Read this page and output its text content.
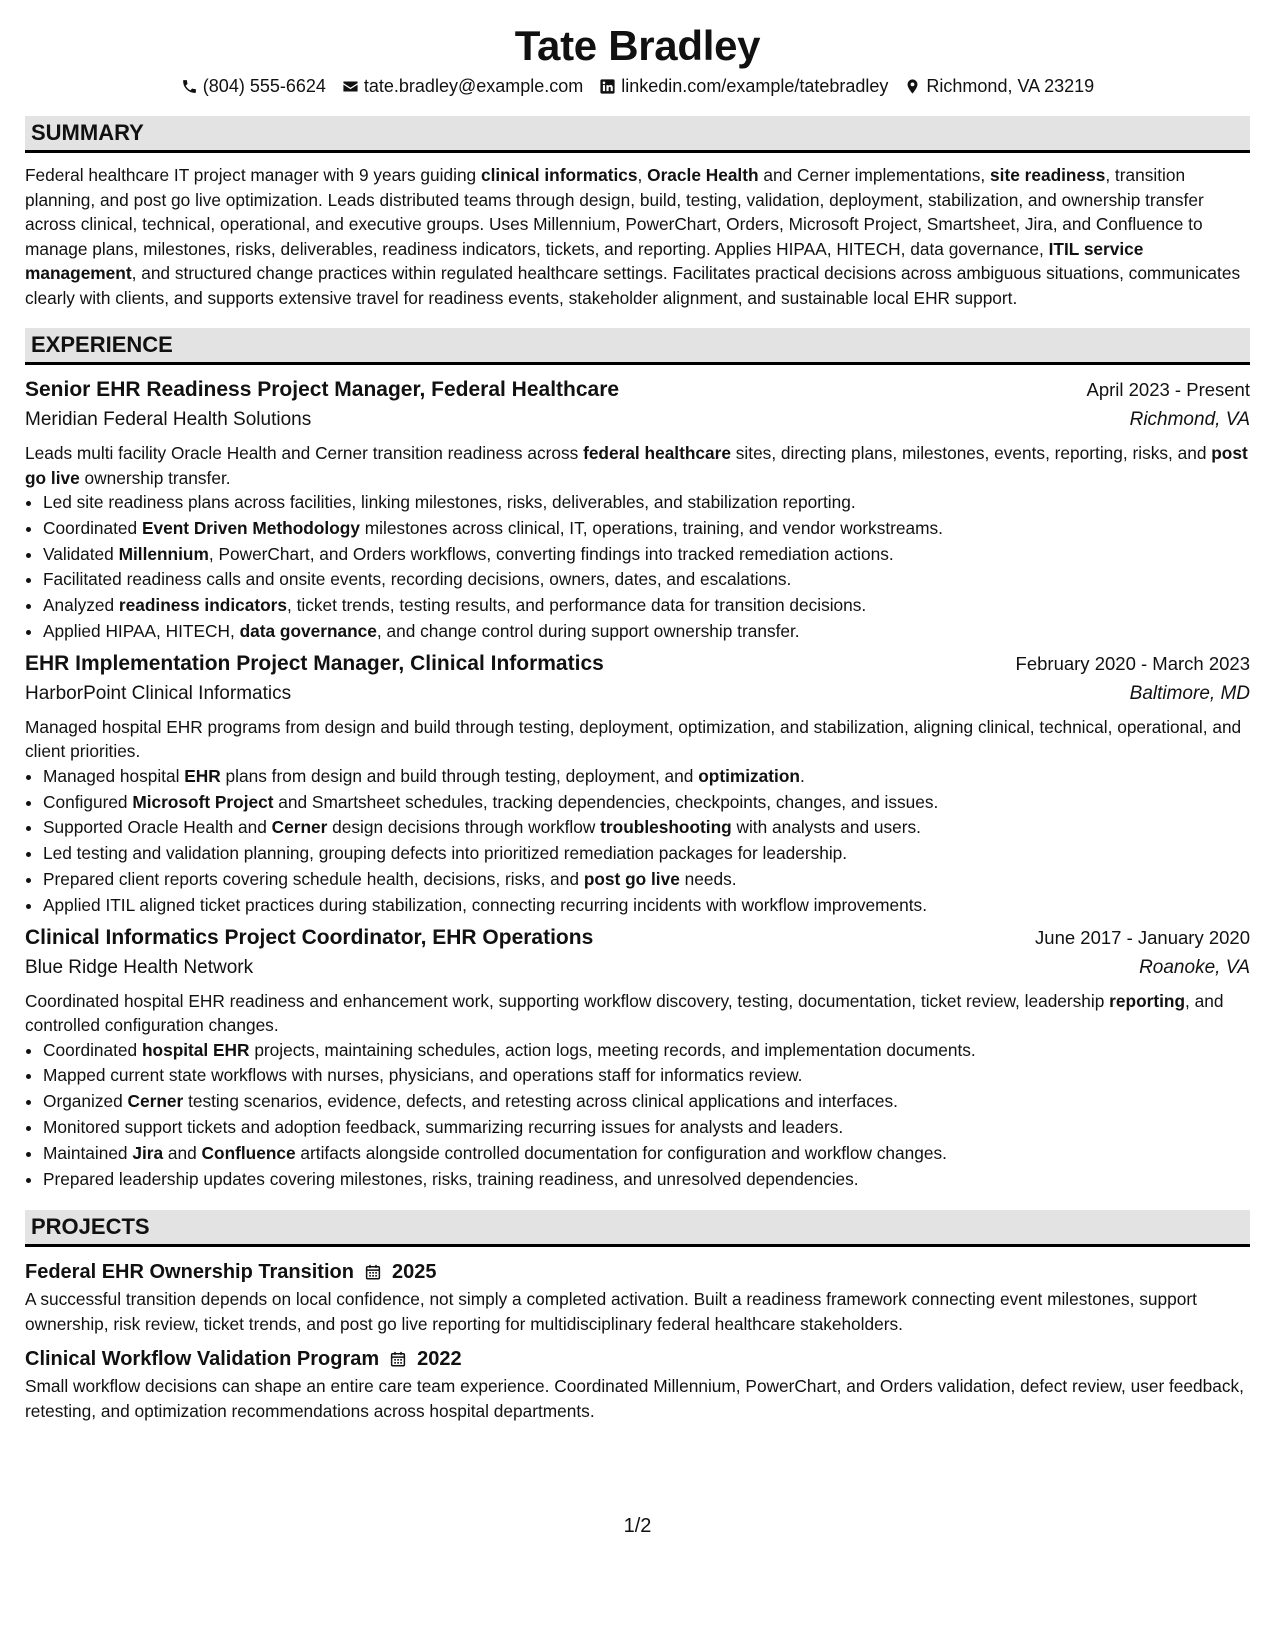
Tate Bradley
(804) 555-6624 tate.bradley@example.com linkedin.com/example/tatebradley Richmond, VA 23219
SUMMARY

Federal healthcare IT project manager with 9 years guiding clinical informatics, Oracle Health and Cerner implementations, site readiness, transition planning, and post go live optimization. Leads distributed teams through design, build, testing, validation, deployment, stabilization, and ownership transfer across clinical, technical, operational, and executive groups. Uses Millennium, PowerChart, Orders, Microsoft Project, Smartsheet, Jira, and Confluence to manage plans, milestones, risks, deliverables, readiness indicators, tickets, and reporting. Applies HIPAA, HITECH, data governance, ITIL service management, and structured change practices within regulated healthcare settings. Facilitates practical decisions across ambiguous situations, communicates clearly with clients, and supports extensive travel for readiness events, stakeholder alignment, and sustainable local EHR support.

EXPERIENCE
Senior EHR Readiness Project Manager, Federal Healthcare	April 2023 - Present
Meridian Federal Health Solutions	Richmond, VA

Leads multi facility Oracle Health and Cerner transition readiness across federal healthcare sites, directing plans, milestones, events, reporting, risks, and post go live ownership transfer.

• Led site readiness plans across facilities, linking milestones, risks, deliverables, and stabilization reporting.
• Coordinated Event Driven Methodology milestones across clinical, IT, operations, training, and vendor workstreams.
• Validated Millennium, PowerChart, and Orders workflows, converting findings into tracked remediation actions.
• Facilitated readiness calls and onsite events, recording decisions, owners, dates, and escalations.
• Analyzed readiness indicators, ticket trends, testing results, and performance data for transition decisions.
• Applied HIPAA, HITECH, data governance, and change control during support ownership transfer.
EHR Implementation Project Manager, Clinical Informatics	February 2020 - March 2023
HarborPoint Clinical Informatics	Baltimore, MD

Managed hospital EHR programs from design and build through testing, deployment, optimization, and stabilization, aligning clinical, technical, operational, and client priorities.

• Managed hospital EHR plans from design and build through testing, deployment, and optimization.
• Configured Microsoft Project and Smartsheet schedules, tracking dependencies, checkpoints, changes, and issues.
• Supported Oracle Health and Cerner design decisions through workflow troubleshooting with analysts and users.
• Led testing and validation planning, grouping defects into prioritized remediation packages for leadership.
• Prepared client reports covering schedule health, decisions, risks, and post go live needs.
• Applied ITIL aligned ticket practices during stabilization, connecting recurring incidents with workflow improvements.
Clinical Informatics Project Coordinator, EHR Operations	June 2017 - January 2020
Blue Ridge Health Network	Roanoke, VA

Coordinated hospital EHR readiness and enhancement work, supporting workflow discovery, testing, documentation, ticket review, leadership reporting, and controlled configuration changes.

• Coordinated hospital EHR projects, maintaining schedules, action logs, meeting records, and implementation documents.
• Mapped current state workflows with nurses, physicians, and operations staff for informatics review.
• Organized Cerner testing scenarios, evidence, defects, and retesting across clinical applications and interfaces.
• Monitored support tickets and adoption feedback, summarizing recurring issues for analysts and leaders.
• Maintained Jira and Confluence artifacts alongside controlled documentation for configuration and workflow changes.
• Prepared leadership updates covering milestones, risks, training readiness, and unresolved dependencies.
PROJECTS
Federal EHR Ownership Transition 2025

A successful transition depends on local confidence, not simply a completed activation. Built a readiness framework connecting event milestones, support ownership, risk review, ticket trends, and post go live reporting for multidisciplinary federal healthcare stakeholders.

Clinical Workflow Validation Program 2022

Small workflow decisions can shape an entire care team experience. Coordinated Millennium, PowerChart, and Orders validation, defect review, user feedback, retesting, and optimization recommendations across hospital departments.

1/2
